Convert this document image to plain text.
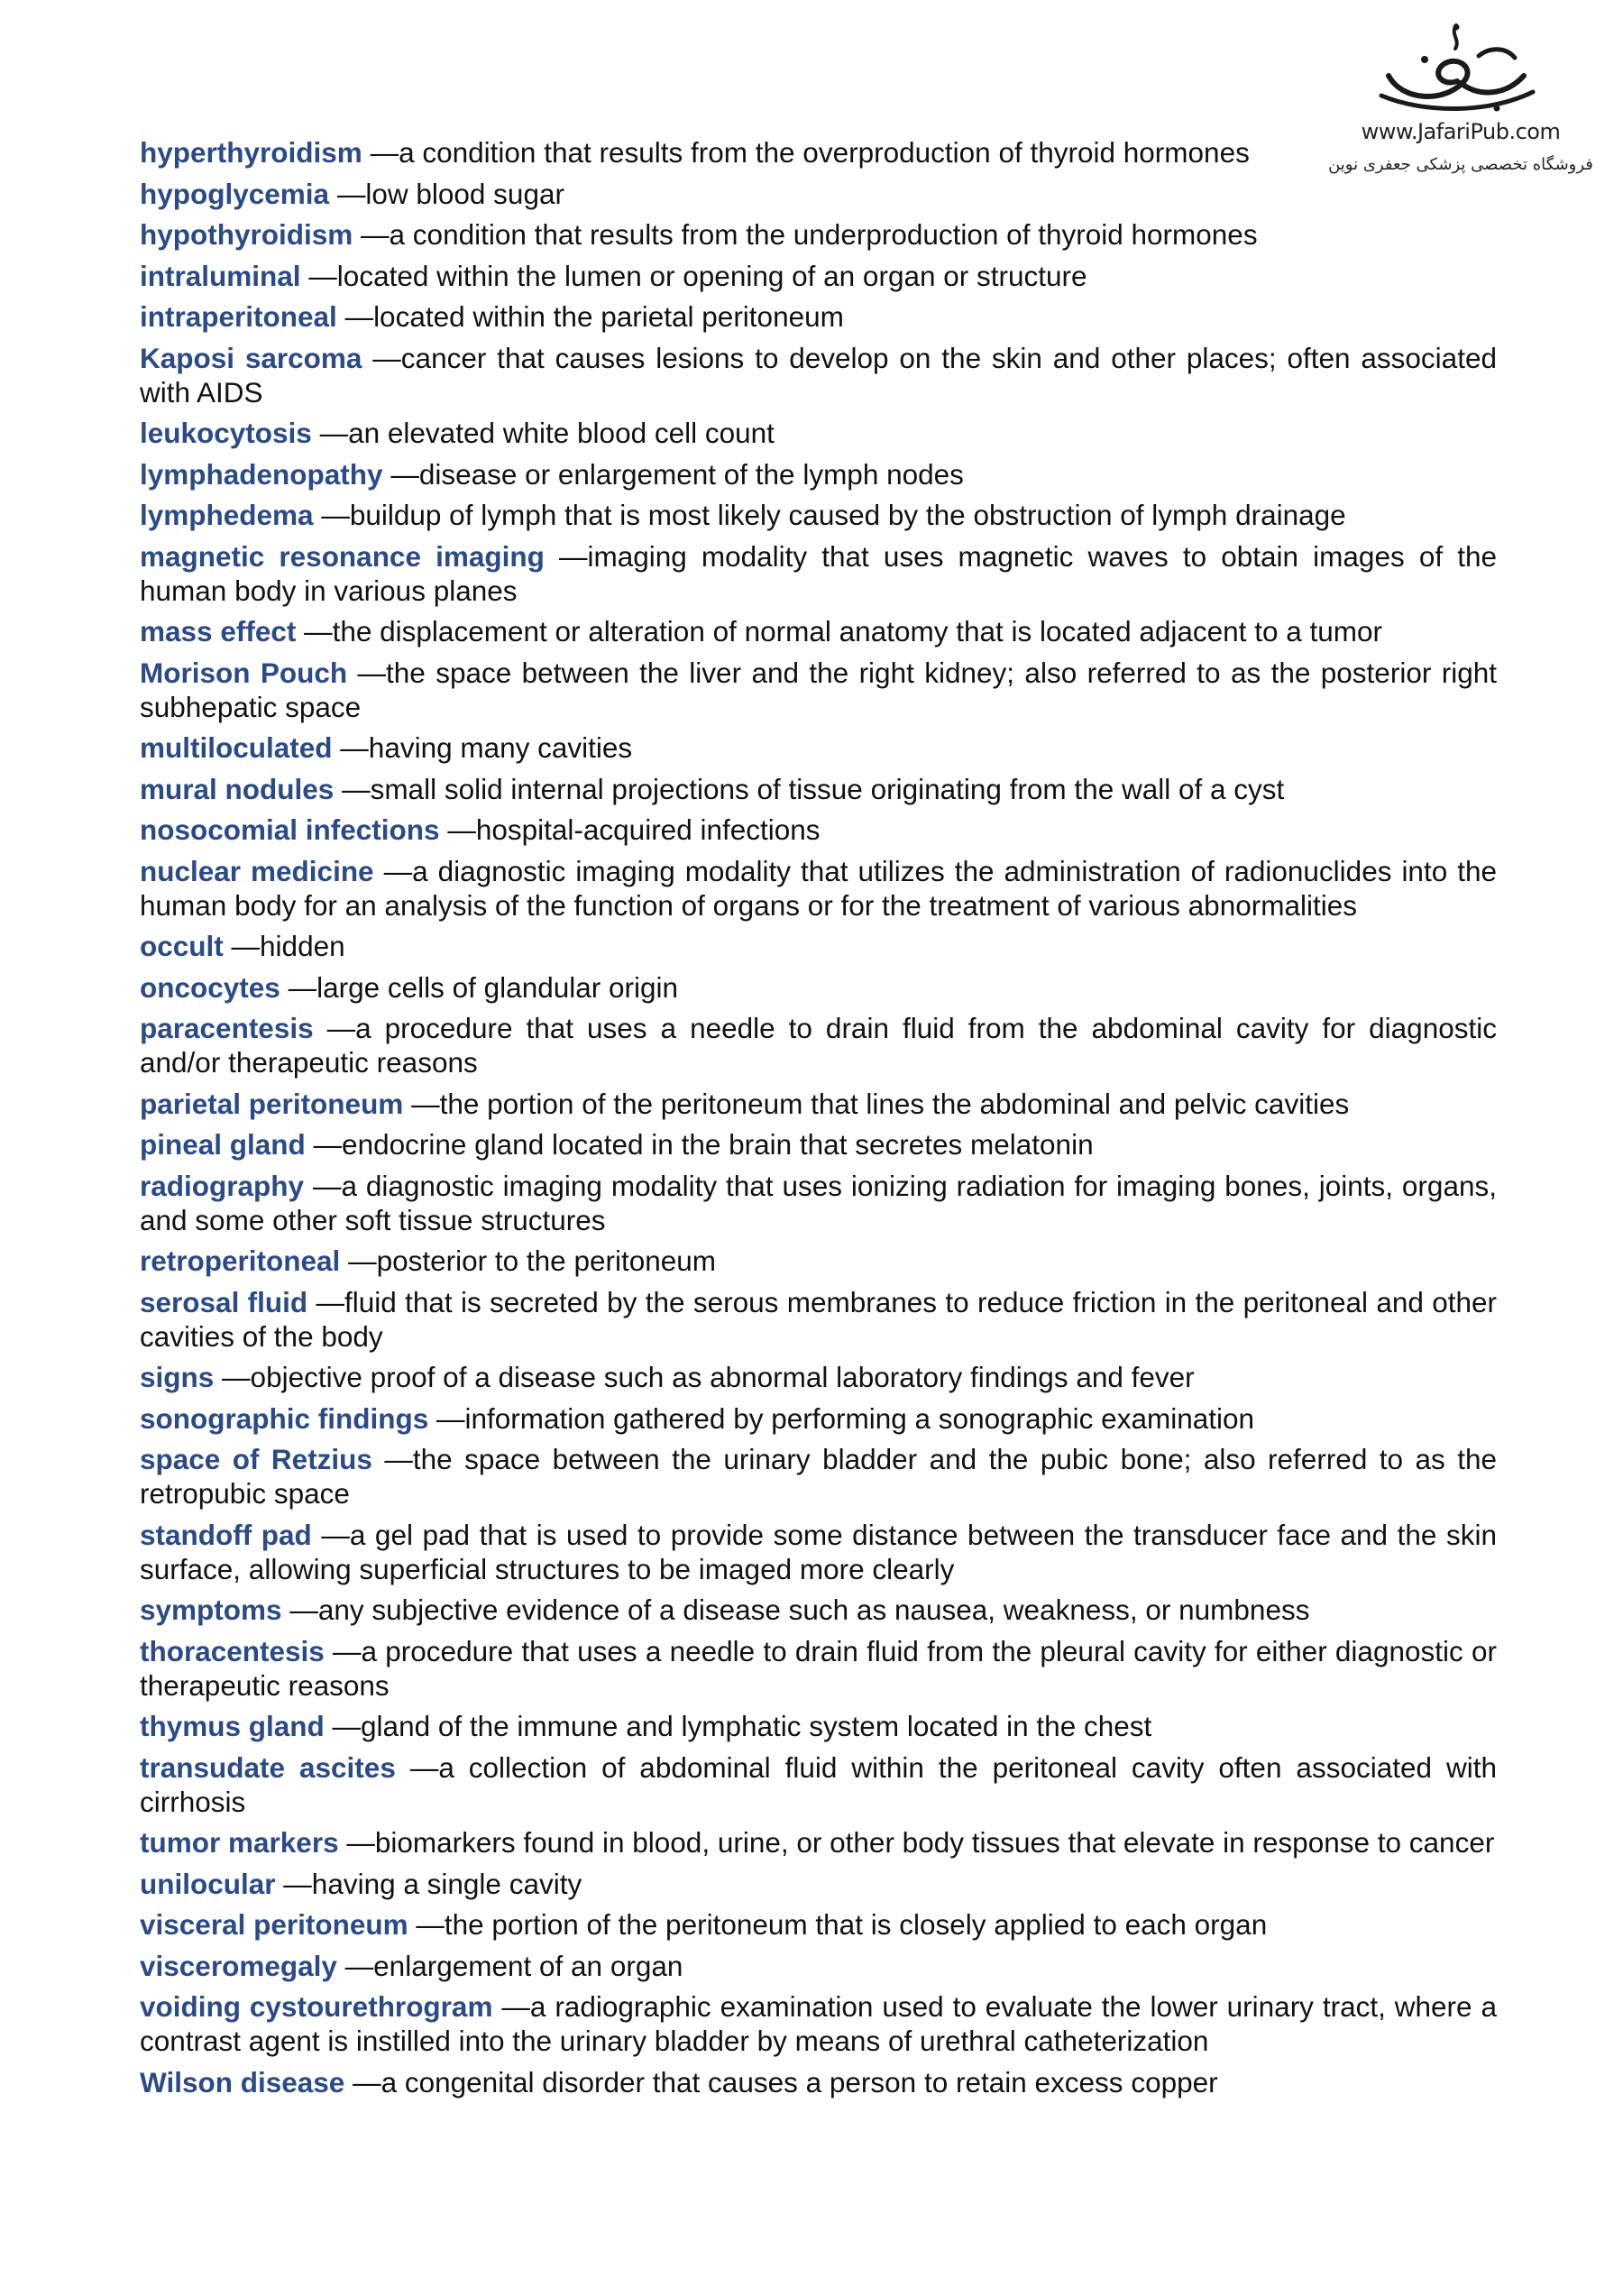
www.JafariPub.com
فروشگاه تخصصی پزشکی جعفری نوین
hyperthyroidism —a condition that results from the overproduction of thyroid hormones
hypoglycemia —low blood sugar
hypothyroidism —a condition that results from the underproduction of thyroid hormones
intraluminal —located within the lumen or opening of an organ or structure
intraperitoneal —located within the parietal peritoneum
Kaposi sarcoma —cancer that causes lesions to develop on the skin and other places; often associated with AIDS
leukocytosis —an elevated white blood cell count
lymphadenopathy —disease or enlargement of the lymph nodes
lymphedema —buildup of lymph that is most likely caused by the obstruction of lymph drainage
magnetic resonance imaging —imaging modality that uses magnetic waves to obtain images of the human body in various planes
mass effect —the displacement or alteration of normal anatomy that is located adjacent to a tumor
Morison Pouch —the space between the liver and the right kidney; also referred to as the posterior right subhepatic space
multiloculated —having many cavities
mural nodules —small solid internal projections of tissue originating from the wall of a cyst
nosocomial infections —hospital-acquired infections
nuclear medicine —a diagnostic imaging modality that utilizes the administration of radionuclides into the human body for an analysis of the function of organs or for the treatment of various abnormalities
occult —hidden
oncocytes —large cells of glandular origin
paracentesis —a procedure that uses a needle to drain fluid from the abdominal cavity for diagnostic and/or therapeutic reasons
parietal peritoneum —the portion of the peritoneum that lines the abdominal and pelvic cavities
pineal gland —endocrine gland located in the brain that secretes melatonin
radiography —a diagnostic imaging modality that uses ionizing radiation for imaging bones, joints, organs, and some other soft tissue structures
retroperitoneal —posterior to the peritoneum
serosal fluid —fluid that is secreted by the serous membranes to reduce friction in the peritoneal and other cavities of the body
signs —objective proof of a disease such as abnormal laboratory findings and fever
sonographic findings —information gathered by performing a sonographic examination
space of Retzius —the space between the urinary bladder and the pubic bone; also referred to as the retropubic space
standoff pad —a gel pad that is used to provide some distance between the transducer face and the skin surface, allowing superficial structures to be imaged more clearly
symptoms —any subjective evidence of a disease such as nausea, weakness, or numbness
thoracentesis —a procedure that uses a needle to drain fluid from the pleural cavity for either diagnostic or therapeutic reasons
thymus gland —gland of the immune and lymphatic system located in the chest
transudate ascites —a collection of abdominal fluid within the peritoneal cavity often associated with cirrhosis
tumor markers —biomarkers found in blood, urine, or other body tissues that elevate in response to cancer
unilocular —having a single cavity
visceral peritoneum —the portion of the peritoneum that is closely applied to each organ
visceromegaly —enlargement of an organ
voiding cystourethrogram —a radiographic examination used to evaluate the lower urinary tract, where a contrast agent is instilled into the urinary bladder by means of urethral catheterization
Wilson disease —a congenital disorder that causes a person to retain excess copper
